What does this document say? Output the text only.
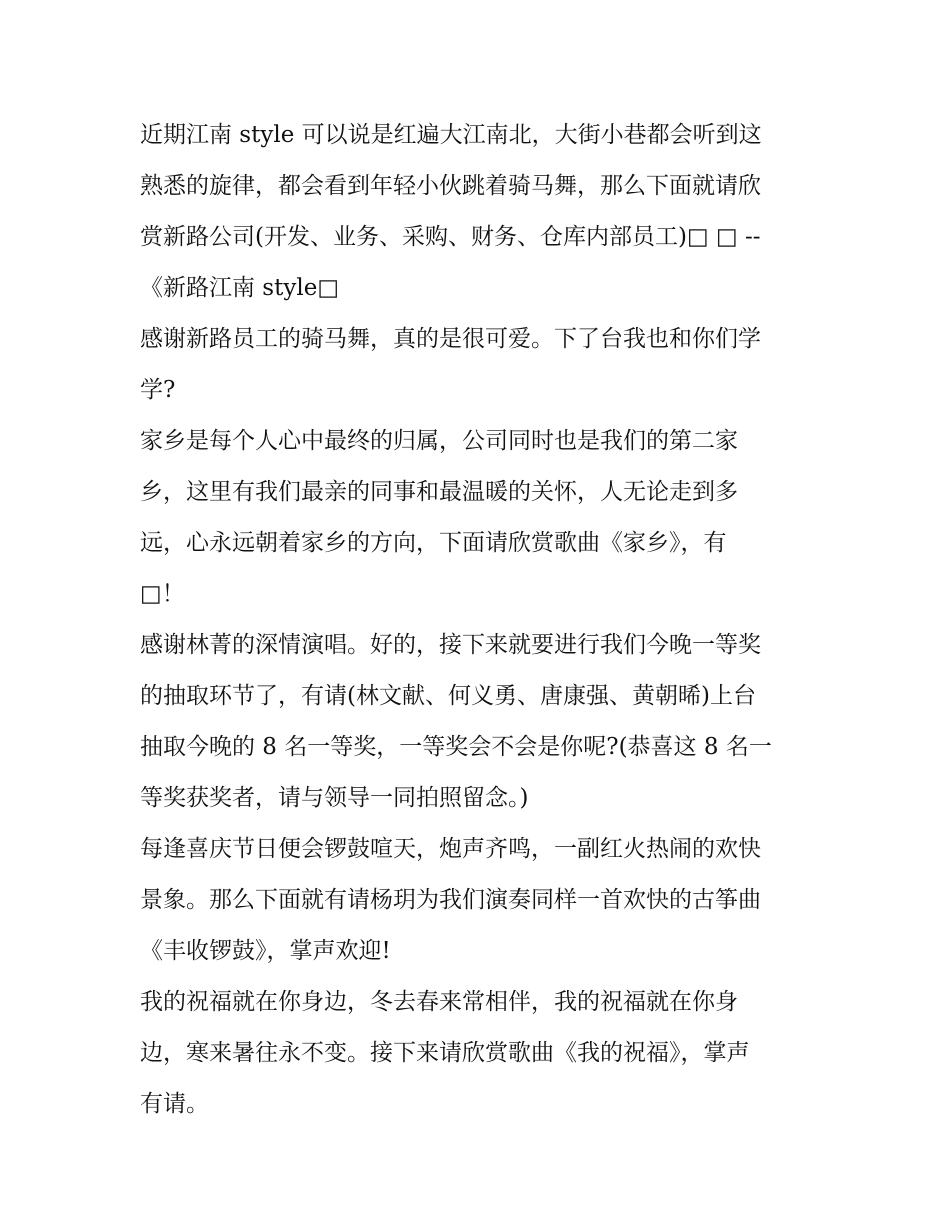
近期江南 style 可以说是红遍大江南北，大街小巷都会听到这
熟悉的旋律，都会看到年轻小伙跳着骑马舞，那么下面就请欣
赏新路公司(开发、业务、采购、财务、仓库内部员工)□ □ --
《新路江南 style□
感谢新路员工的骑马舞，真的是很可爱。下了台我也和你们学
学?
家乡是每个人心中最终的归属，公司同时也是我们的第二家
乡，这里有我们最亲的同事和最温暖的关怀，人无论走到多
远，心永远朝着家乡的方向，下面请欣赏歌曲《家乡》，有
□！
感谢林菁的深情演唱。好的，接下来就要进行我们今晚一等奖
的抽取环节了，有请(林文献、何义勇、唐康强、黄朝晞)上台
抽取今晚的 8 名一等奖，一等奖会不会是你呢?(恭喜这 8 名一
等奖获奖者，请与领导一同拍照留念。)
每逢喜庆节日便会锣鼓喧天，炮声齐鸣，一副红火热闹的欢快
景象。那么下面就有请杨玥为我们演奏同样一首欢快的古筝曲
《丰收锣鼓》，掌声欢迎!
我的祝福就在你身边，冬去春来常相伴，我的祝福就在你身
边，寒来暑往永不变。接下来请欣赏歌曲《我的祝福》，掌声
有请。
